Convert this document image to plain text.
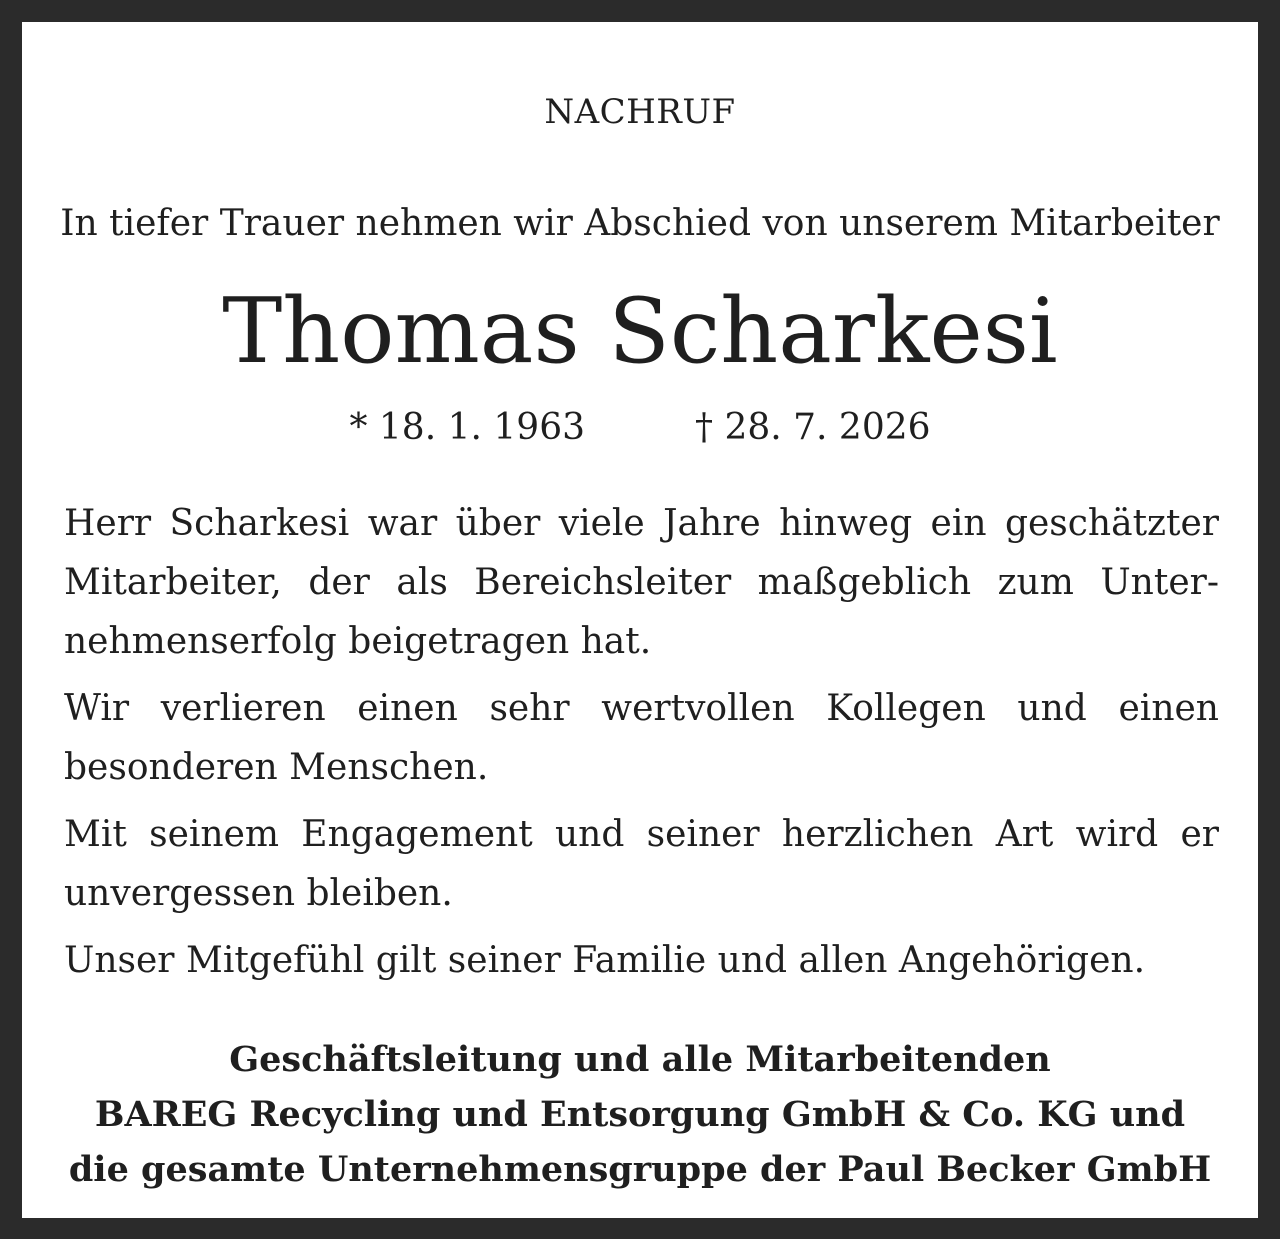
NACHRUF
In tiefer Trauer nehmen wir Abschied von unserem Mitarbeiter
Thomas Scharkesi
* 18. 1. 1963	† 28. 7. 2026

Herr Scharkesi war über viele Jahre hinweg ein geschätzter Mitarbeiter, der als Bereichsleiter maßgeblich zum Unter-nehmenserfolg beigetragen hat.

Wir verlieren einen sehr wertvollen Kollegen und einen besonderen Menschen.

Mit seinem Engagement und seiner herzlichen Art wird er unvergessen bleiben.

Unser Mitgefühl gilt seiner Familie und allen Angehörigen.

Geschäftsleitung und alle Mitarbeitenden
BAREG Recycling und Entsorgung GmbH & Co. KG und
die gesamte Unternehmensgruppe der Paul Becker GmbH
